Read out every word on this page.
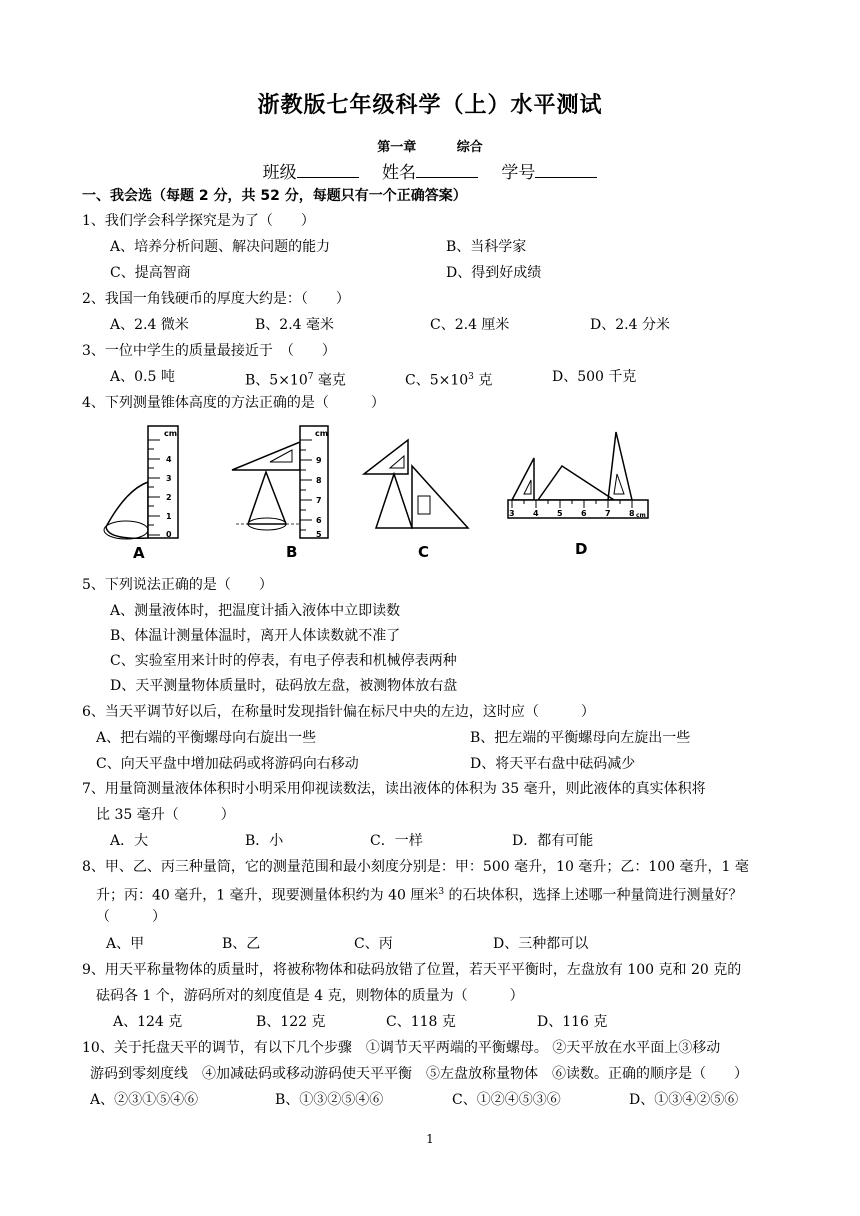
浙教版七年级科学（上）水平测试
第一章	综合
班级	姓名	学号
一、我会选（每题 2 分，共 52 分，每题只有一个正确答案）
1、我们学会科学探究是为了（　　）
A、培养分析问题、解决问题的能力	B、当科学家
C、提高智商	D、得到好成绩
2、我国一角钱硬币的厚度大约是：（　　）
A、2.4 微米	B、2.4 毫米	C、2.4 厘米	D、2.4 分米
3、一位中学生的质量最接近于　（　　）
A、0.5 吨	B、$5\times 10^7$ 毫克	C、$5\times 10^3$ 克	D、500 千克
4、下列测量锥体高度的方法正确的是（　　　）
cm
4
3
2
1
0
A
cm
9
8
7
6
5
B	C
3 4 5 6 7 8 cm
D
5、下列说法正确的是（　　）
A、测量液体时，把温度计插入液体中立即读数
B、体温计测量体温时，离开人体读数就不准了
C、实验室用来计时的停表，有电子停表和机械停表两种
D、天平测量物体质量时，砝码放左盘，被测物体放右盘
6、当天平调节好以后，在称量时发现指针偏在标尺中央的左边，这时应（　　　）
A、把右端的平衡螺母向右旋出一些	B、把左端的平衡螺母向左旋出一些
C、向天平盘中增加砝码或将游码向右移动	D、将天平右盘中砝码减少
7、用量筒测量液体体积时小明采用仰视读数法，读出液体的体积为 35 毫升，则此液体的真实体积将
比 35 毫升（　　　）
A．大	B．小	C．一样	D．都有可能
8、甲、乙、丙三种量筒，它的测量范围和最小刻度分别是：甲：500 毫升，10 毫升；乙：100 毫升，1 毫
升；丙：40 毫升，1 毫升，现要测量体积约为 40 厘米$^3$ 的石块体积，选择上述哪一种量筒进行测量好？
（　　　）
A、甲	B、乙	C、丙	D、三种都可以
9、用天平称量物体的质量时，将被称物体和砝码放错了位置，若天平平衡时，左盘放有 100 克和 20 克的
砝码各 1 个，游码所对的刻度值是 4 克，则物体的质量为（　　　）
A、124 克	B、122 克	C、118 克	D、116 克
10、关于托盘天平的调节，有以下几个步骤　①调节天平两端的平衡螺母。 ②天平放在水平面上③移动
游码到零刻度线　④加减砝码或移动游码使天平平衡　⑤左盘放称量物体　⑥读数。正确的顺序是（　　）
A、②③①⑤④⑥	B、①③②⑤④⑥	C、①②④⑤③⑥	D、①③④②⑤⑥
1
